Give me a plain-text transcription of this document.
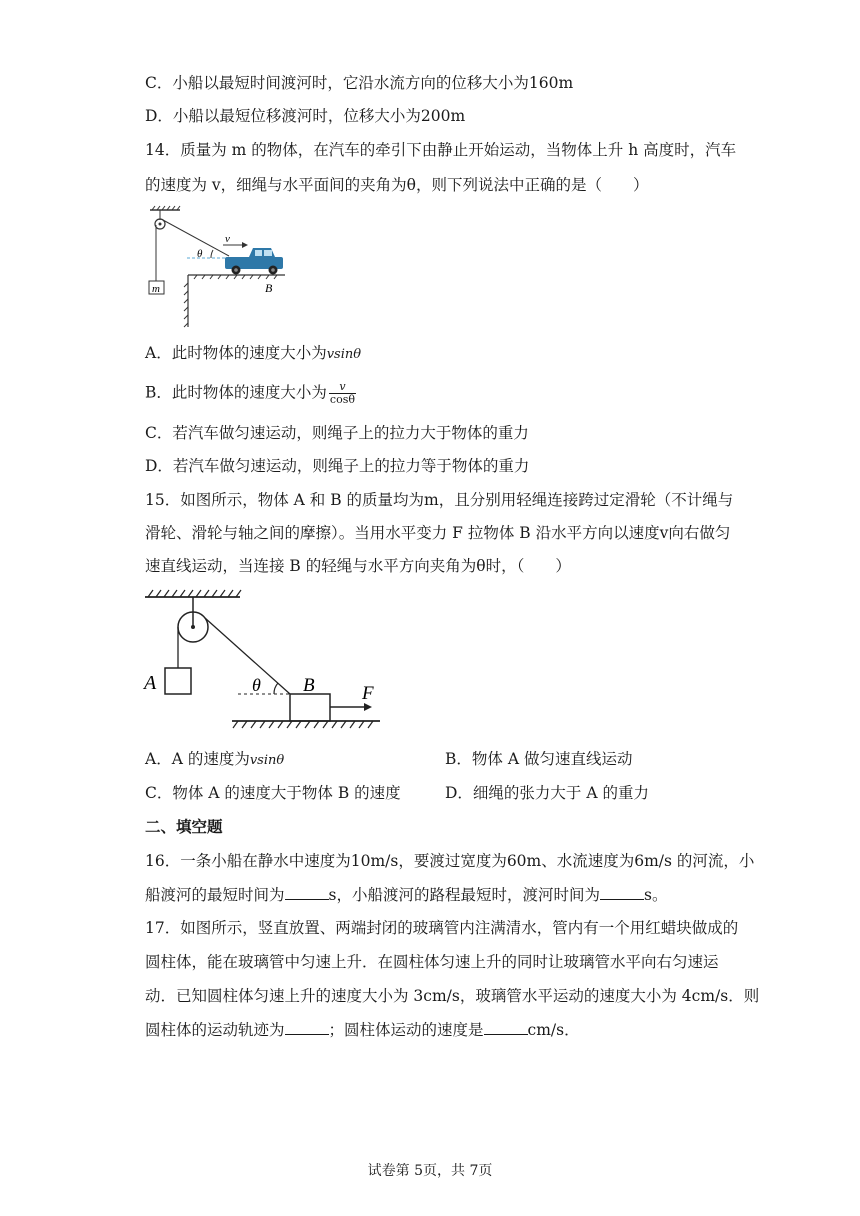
C．小船以最短时间渡河时，它沿水流方向的位移大小为160m
D．小船以最短位移渡河时，位移大小为200m
14．质量为 m 的物体，在汽车的牵引下由静止开始运动，当物体上升 h 高度时，汽车
的速度为 v，细绳与水平面间的夹角为θ，则下列说法中正确的是（　　）
m
θ
v
B
A．此时物体的速度大小为vsinθ
B．此时物体的速度大小为 $\frac{v}{\cos\theta}$
C．若汽车做匀速运动，则绳子上的拉力大于物体的重力
D．若汽车做匀速运动，则绳子上的拉力等于物体的重力
15．如图所示，物体 A 和 B 的质量均为m，且分别用轻绳连接跨过定滑轮（不计绳与
滑轮、滑轮与轴之间的摩擦）。当用水平变力 F 拉物体 B 沿水平方向以速度v向右做匀
速直线运动，当连接 B 的轻绳与水平方向夹角为θ时，（　　）
A	B
θ	F
A．A 的速度为vsinθ	B．物体 A 做匀速直线运动
C．物体 A 的速度大于物体 B 的速度	D．细绳的张力大于 A 的重力
二、填空题
16．一条小船在静水中速度为10m/s，要渡过宽度为60m、水流速度为6m/s 的河流，小
船渡河的最短时间为	s，小船渡河的路程最短时，渡河时间为	s。
17．如图所示，竖直放置、两端封闭的玻璃管内注满清水，管内有一个用红蜡块做成的
圆柱体，能在玻璃管中匀速上升．在圆柱体匀速上升的同时让玻璃管水平向右匀速运
动．已知圆柱体匀速上升的速度大小为 3cm/s，玻璃管水平运动的速度大小为 4cm/s．则
圆柱体的运动轨迹为	；圆柱体运动的速度是	cm/s．
试卷第 5页，共 7页
